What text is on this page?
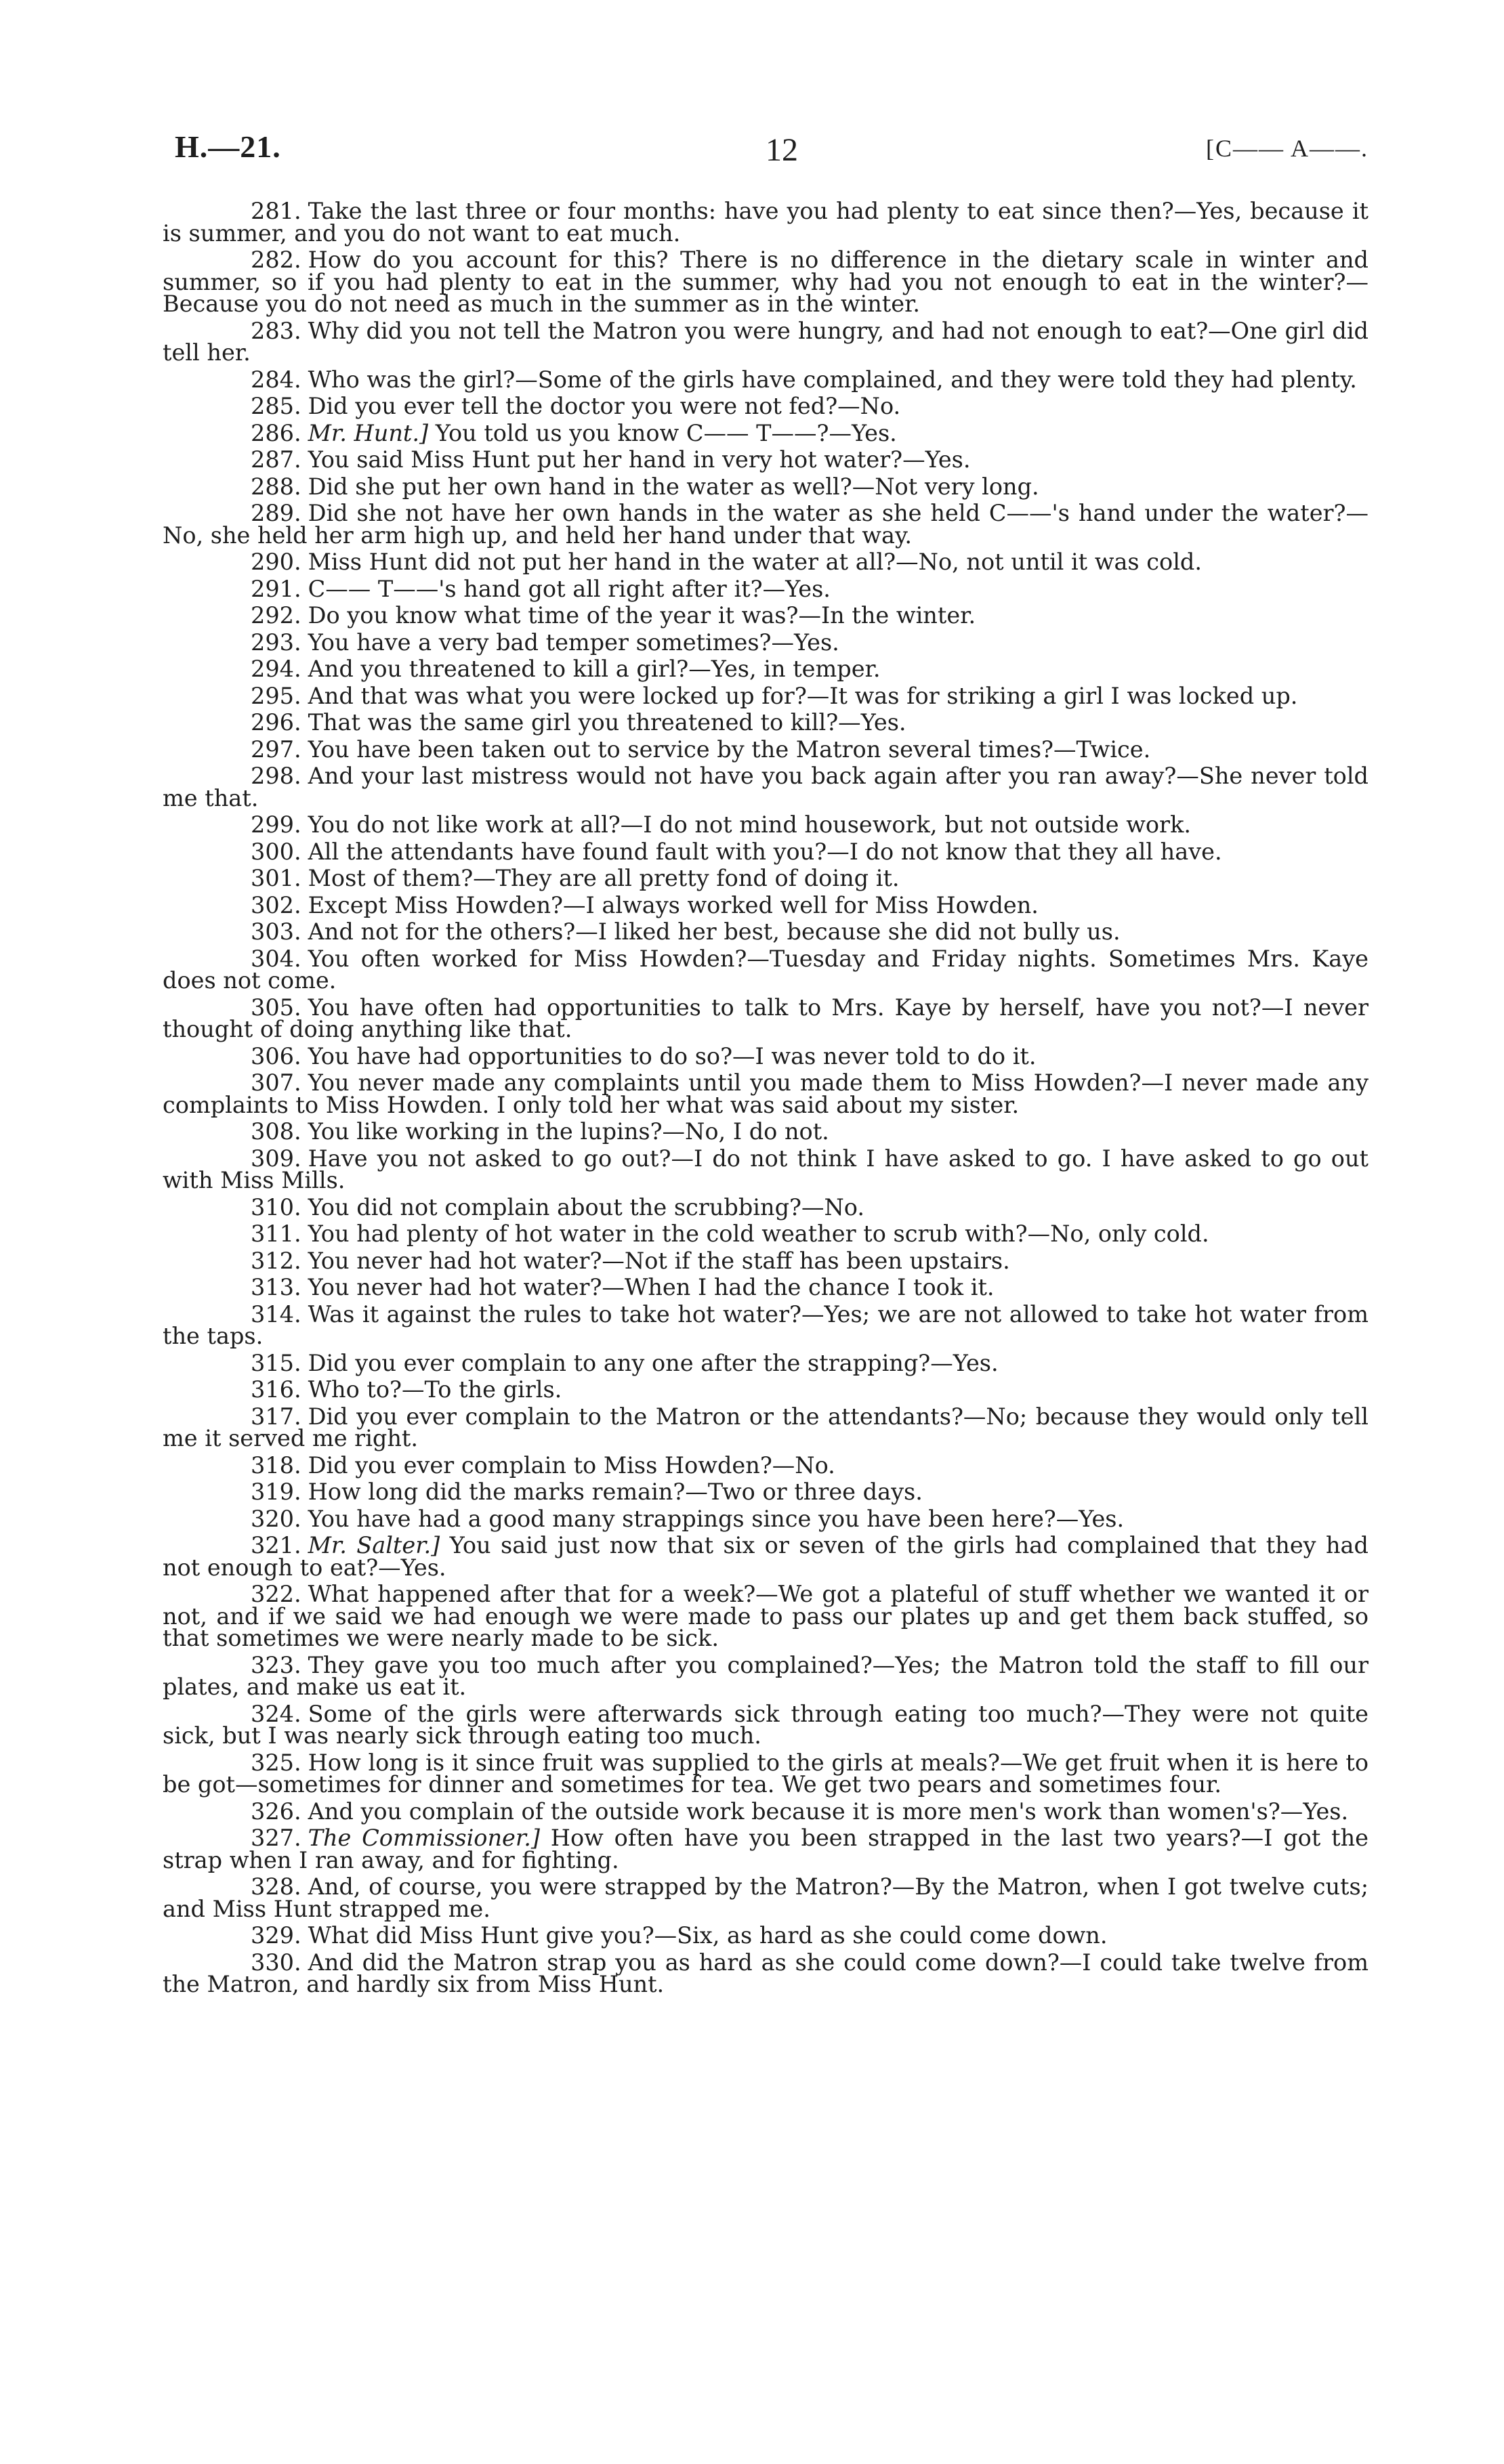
H.—21.	12	[C—— A——.

281. Take the last three or four months: have you had plenty to eat since then?—Yes, because it is summer, and you do not want to eat much.

282. How do you account for this? There is no difference in the dietary scale in winter and summer, so if you had plenty to eat in the summer, why had you not enough to eat in the winter?—Because you do not need as much in the summer as in the winter.

283. Why did you not tell the Matron you were hungry, and had not enough to eat?—One girl did tell her.

284. Who was the girl?—Some of the girls have complained, and they were told they had plenty.

285. Did you ever tell the doctor you were not fed?—No.

286. Mr. Hunt.] You told us you know C—— T——?—Yes.

287. You said Miss Hunt put her hand in very hot water?—Yes.

288. Did she put her own hand in the water as well?—Not very long.

289. Did she not have her own hands in the water as she held C——'s hand under the water?—No, she held her arm high up, and held her hand under that way.

290. Miss Hunt did not put her hand in the water at all?—No, not until it was cold.

291. C—— T——'s hand got all right after it?—Yes.

292. Do you know what time of the year it was?—In the winter.

293. You have a very bad temper sometimes?—Yes.

294. And you threatened to kill a girl?—Yes, in temper.

295. And that was what you were locked up for?—It was for striking a girl I was locked up.

296. That was the same girl you threatened to kill?—Yes.

297. You have been taken out to service by the Matron several times?—Twice.

298. And your last mistress would not have you back again after you ran away?—She never told me that.

299. You do not like work at all?—I do not mind housework, but not outside work.

300. All the attendants have found fault with you?—I do not know that they all have.

301. Most of them?—They are all pretty fond of doing it.

302. Except Miss Howden?—I always worked well for Miss Howden.

303. And not for the others?—I liked her best, because she did not bully us.

304. You often worked for Miss Howden?—Tuesday and Friday nights. Sometimes Mrs. Kaye does not come.

305. You have often had opportunities to talk to Mrs. Kaye by herself, have you not?—I never thought of doing anything like that.

306. You have had opportunities to do so?—I was never told to do it.

307. You never made any complaints until you made them to Miss Howden?—I never made any complaints to Miss Howden. I only told her what was said about my sister.

308. You like working in the lupins?—No, I do not.

309. Have you not asked to go out?—I do not think I have asked to go. I have asked to go out with Miss Mills.

310. You did not complain about the scrubbing?—No.

311. You had plenty of hot water in the cold weather to scrub with?—No, only cold.

312. You never had hot water?—Not if the staff has been upstairs.

313. You never had hot water?—When I had the chance I took it.

314. Was it against the rules to take hot water?—Yes; we are not allowed to take hot water from the taps.

315. Did you ever complain to any one after the strapping?—Yes.

316. Who to?—To the girls.

317. Did you ever complain to the Matron or the attendants?—No; because they would only tell me it served me right.

318. Did you ever complain to Miss Howden?—No.

319. How long did the marks remain?—Two or three days.

320. You have had a good many strappings since you have been here?—Yes.

321. Mr. Salter.] You said just now that six or seven of the girls had complained that they had not enough to eat?—Yes.

322. What happened after that for a week?—We got a plateful of stuff whether we wanted it or not, and if we said we had enough we were made to pass our plates up and get them back stuffed, so that sometimes we were nearly made to be sick.

323. They gave you too much after you complained?—Yes; the Matron told the staff to fill our plates, and make us eat it.

324. Some of the girls were afterwards sick through eating too much?—They were not quite sick, but I was nearly sick through eating too much.

325. How long is it since fruit was supplied to the girls at meals?—We get fruit when it is here to be got—sometimes for dinner and sometimes for tea. We get two pears and sometimes four.

326. And you complain of the outside work because it is more men's work than women's?—Yes.

327. The Commissioner.] How often have you been strapped in the last two years?—I got the strap when I ran away, and for fighting.

328. And, of course, you were strapped by the Matron?—By the Matron, when I got twelve cuts; and Miss Hunt strapped me.

329. What did Miss Hunt give you?—Six, as hard as she could come down.

330. And did the Matron strap you as hard as she could come down?—I could take twelve from the Matron, and hardly six from Miss Hunt.
